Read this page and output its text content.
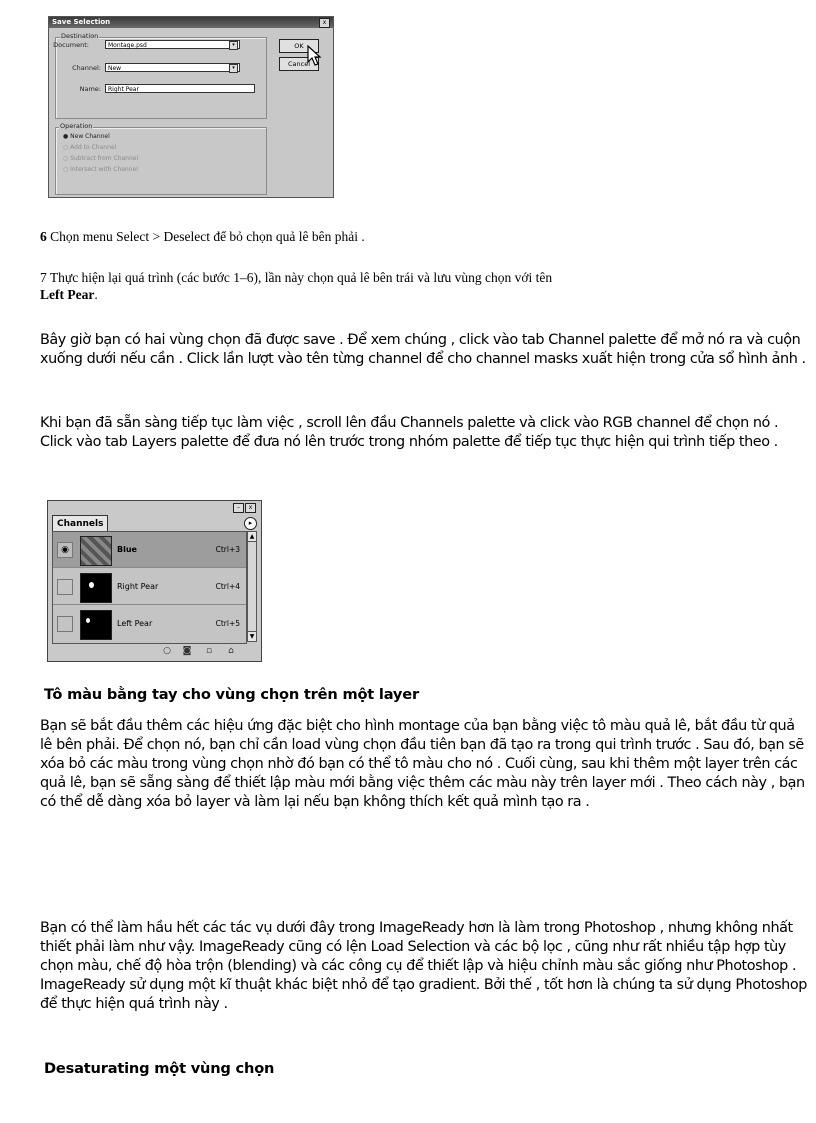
Save Selection	x
Destination
Document:	Montage.psd	▾
Channel:	New	▾
Name:	Right Pear
OK
Cancel
Operation
● New Channel
○ Add to Channel
○ Subtract from Channel
○ Intersect with Channel
6 Chọn menu Select > Deselect để bỏ chọn quả lê bên phải .
7 Thực hiện lại quá trình (các bước 1–6), lần này chọn quả lê bên trái và lưu vùng chọn với tên
Left Pear.
Bây giờ bạn có hai vùng chọn đã được save . Để xem chúng , click vào tab Channel palette để mở nó ra và cuộn xuống dưới nếu cần . Click lần lượt vào tên từng channel để cho channel masks xuất hiện trong cửa sổ hình ảnh .
Khi bạn đã sẵn sàng tiếp tục làm việc , scroll lên đầu Channels palette và click vào RGB channel để chọn nó . Click vào tab Layers palette để đưa nó lên trước trong nhóm palette để tiếp tục thực hiện qui trình tiếp theo .
– x
Channels	▸
◉	Blue	Ctrl+3
Right Pear	Ctrl+4
Left Pear	Ctrl+5
▲
▼
○ ◙ ▫ ⌂
Tô màu bằng tay cho vùng chọn trên một layer
Bạn sẽ bắt đầu thêm các hiệu ứng đặc biệt cho hình montage của bạn bằng việc tô màu quả lê, bắt đầu từ quả lê bên phải. Để chọn nó, bạn chỉ cần load vùng chọn đầu tiên bạn đã tạo ra trong qui trình trước . Sau đó, bạn sẽ xóa bỏ các màu trong vùng chọn nhờ đó bạn có thể tô màu cho nó . Cuối cùng, sau khi thêm một layer trên các quả lê, bạn sẽ sẵng sàng để thiết lập màu mới bằng việc thêm các màu này trên layer mới . Theo cách này , bạn có thể dễ dàng xóa bỏ layer và làm lại nếu bạn không thích kết quả mình tạo ra .
Bạn có thể làm hầu hết các tác vụ dưới đây trong ImageReady hơn là làm trong Photoshop , nhưng không nhất thiết phải làm như vậy. ImageReady cũng có lện Load Selection và các bộ lọc , cũng như rất nhiều tập hợp tùy chọn màu, chế độ hòa trộn (blending) và các công cụ để thiết lập và hiệu chỉnh màu sắc giống như Photoshop . ImageReady sử dụng một kĩ thuật khác biệt nhỏ để tạo gradient. Bởi thế , tốt hơn là chúng ta sử dụng Photoshop để thực hiện quá trình này .
Desaturating một vùng chọn
